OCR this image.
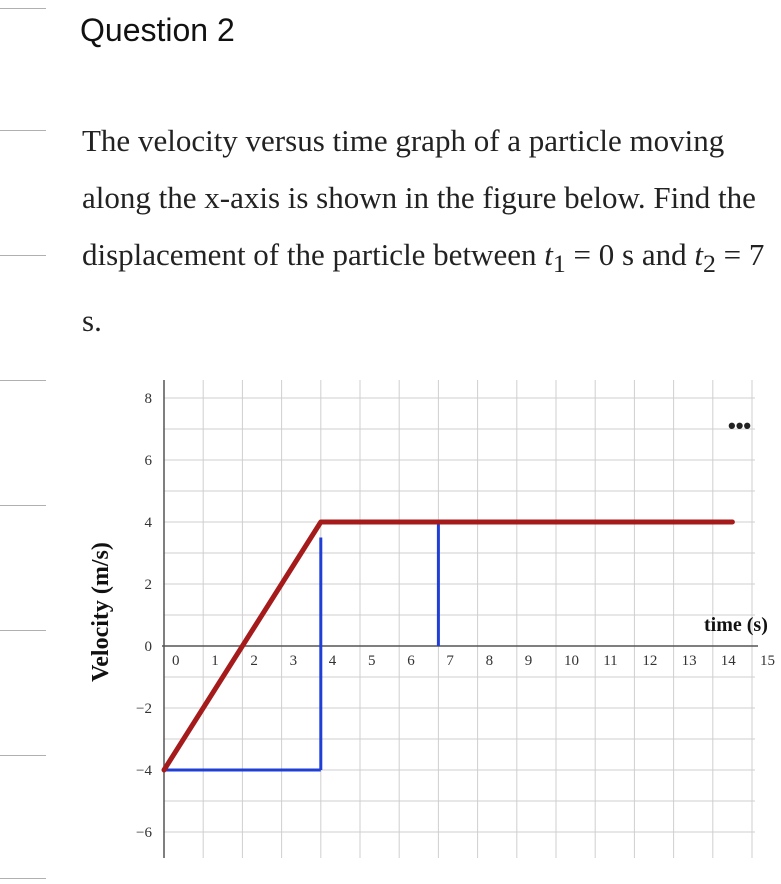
Question 2
The velocity versus time graph of a particle moving along the x-axis is shown in the figure below. Find the displacement of the particle between $t_1 = 0$ s and $t_2 = 7$ s.
8
6
4
2
0
−2
−4
−6
0 1 2 3 4 5 6 7 8 9 10 11 12 13 14 15
Velocity (m/s)	time (s)
•••
